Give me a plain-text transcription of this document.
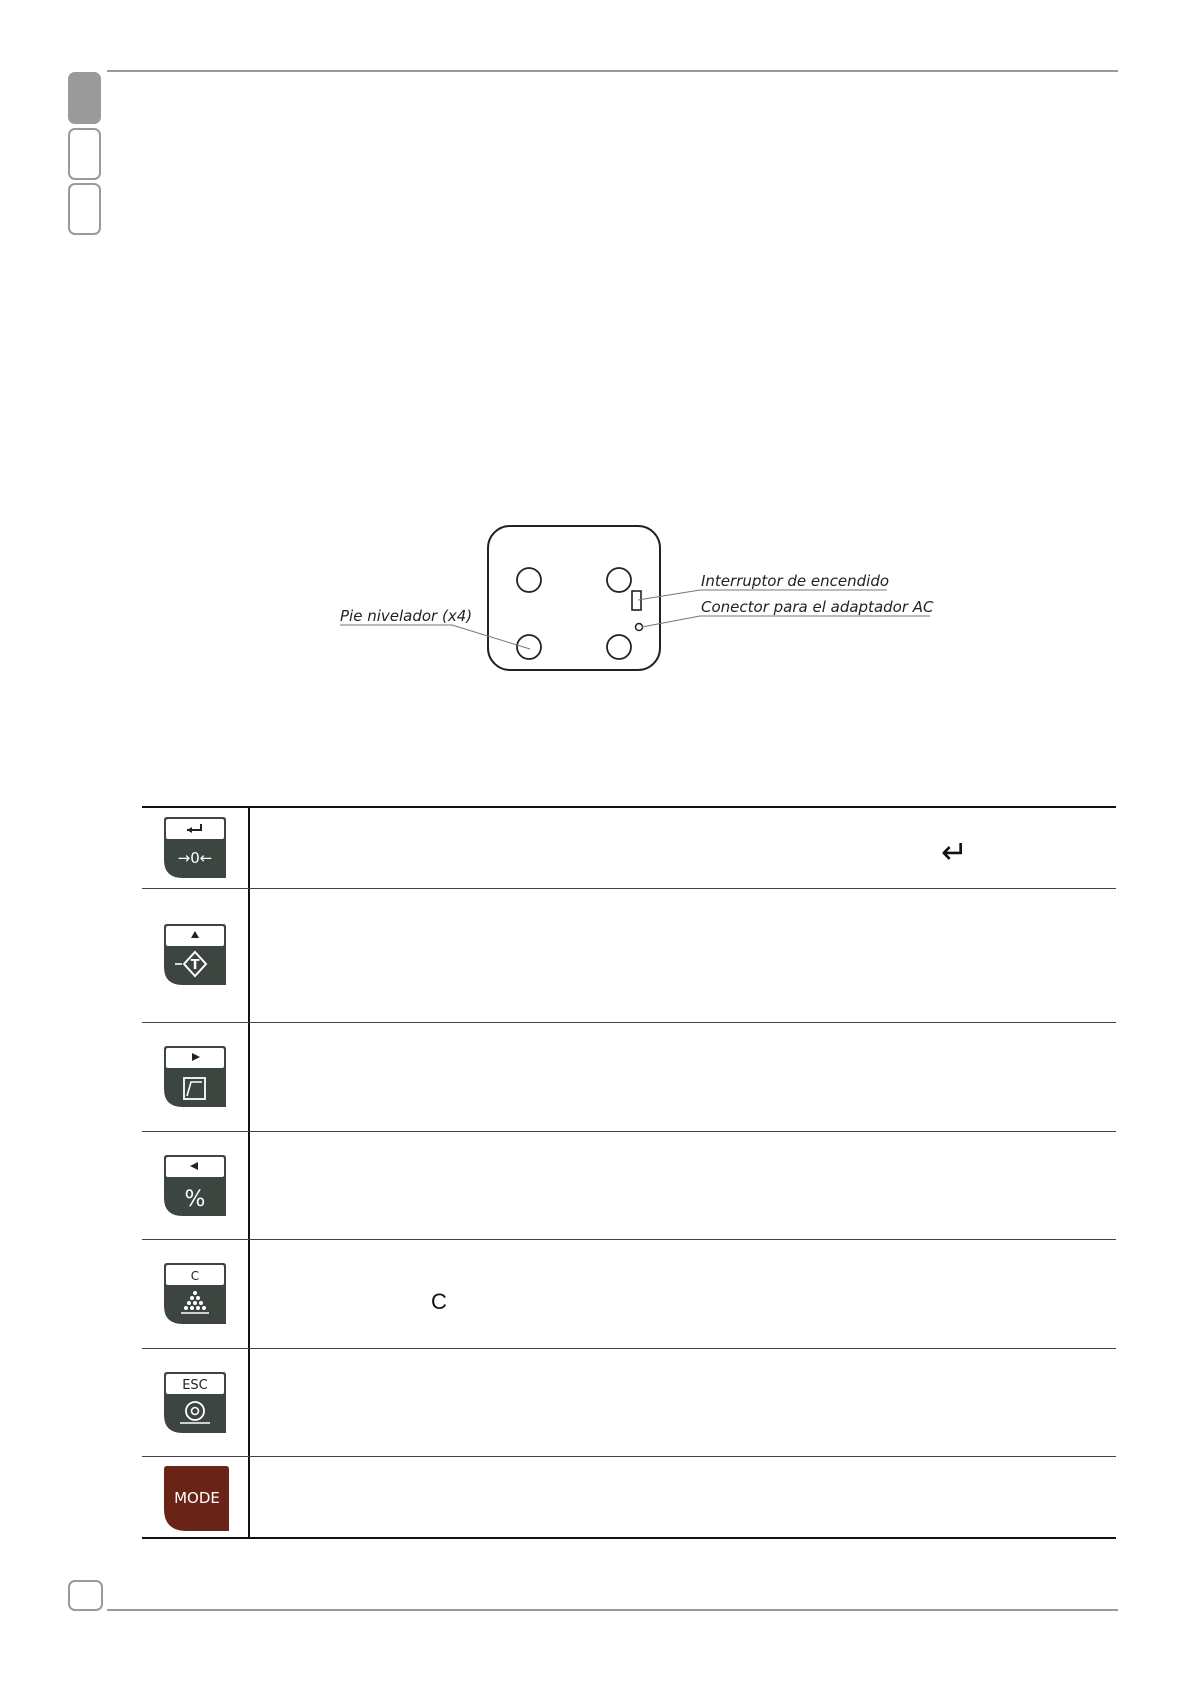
Pie nivelador (x4)
Interruptor de encendido
Conector para el adaptador AC
→0←	↵
T
%
C
C
ESC
MODE
